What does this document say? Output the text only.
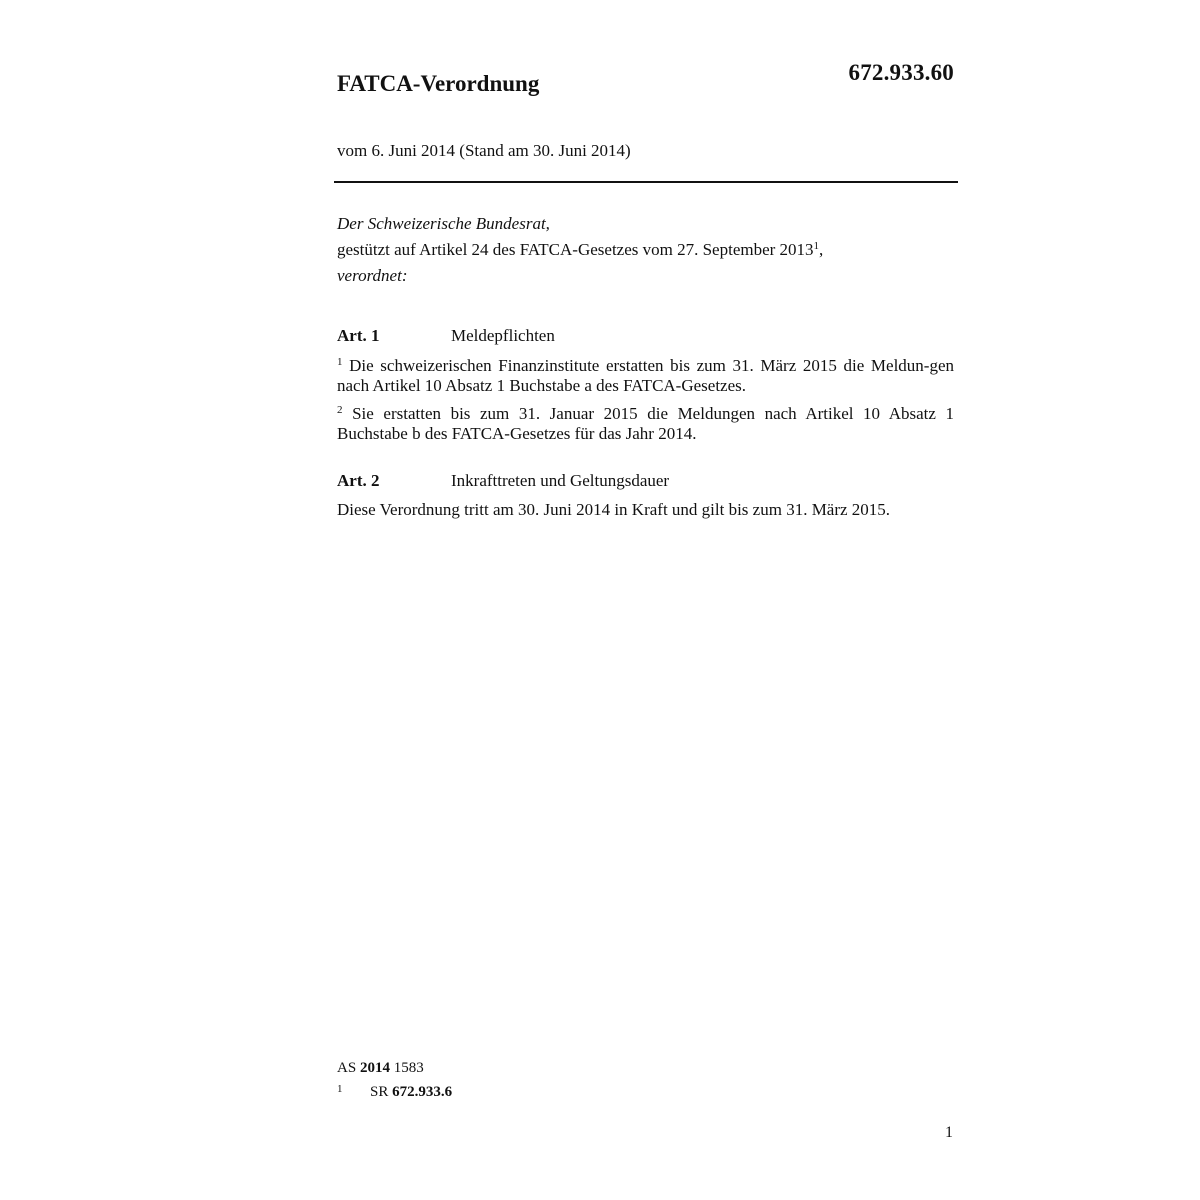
672.933.60
FATCA-Verordnung
vom 6. Juni 2014 (Stand am 30. Juni 2014)
Der Schweizerische Bundesrat,
gestützt auf Artikel 24 des FATCA-Gesetzes vom 27. September 2013$^1$,
verordnet:
Art. 1	Meldepflichten
$^1$ Die schweizerischen Finanzinstitute erstatten bis zum 31. März 2015 die Meldun-gen nach Artikel 10 Absatz 1 Buchstabe a des FATCA-Gesetzes.
$^2$ Sie erstatten bis zum 31. Januar 2015 die Meldungen nach Artikel 10 Absatz 1 Buchstabe b des FATCA-Gesetzes für das Jahr 2014.
Art. 2	Inkrafttreten und Geltungsdauer
Diese Verordnung tritt am 30. Juni 2014 in Kraft und gilt bis zum 31. März 2015.
AS 2014 1583
1 SR 672.933.6
1
